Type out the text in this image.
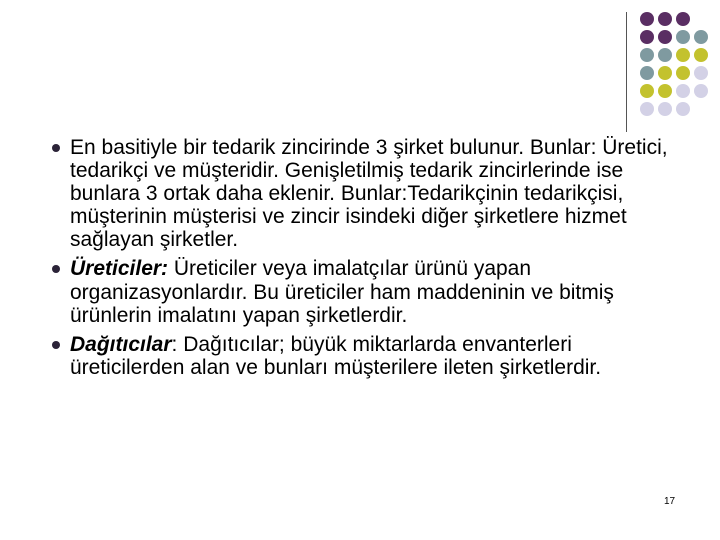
En basitiyle bir tedarik zincirinde 3 şirket bulunur. Bunlar: Üretici, tedarikçi ve müşteridir. Genişletilmiş tedarik zincirlerinde ise bunlara 3 ortak daha eklenir. Bunlar:Tedarikçinin tedarikçisi, müşterinin müşterisi ve zincir isindeki diğer şirketlere hizmet sağlayan şirketler.
Üreticiler: Üreticiler veya imalatçılar ürünü yapan organizasyonlardır. Bu üreticiler ham maddeninin ve bitmiş ürünlerin imalatını yapan şirketlerdir.
Dağıtıcılar: Dağıtıcılar; büyük miktarlarda envanterleri üreticilerden alan ve bunları müşterilere ileten şirketlerdir.
17
